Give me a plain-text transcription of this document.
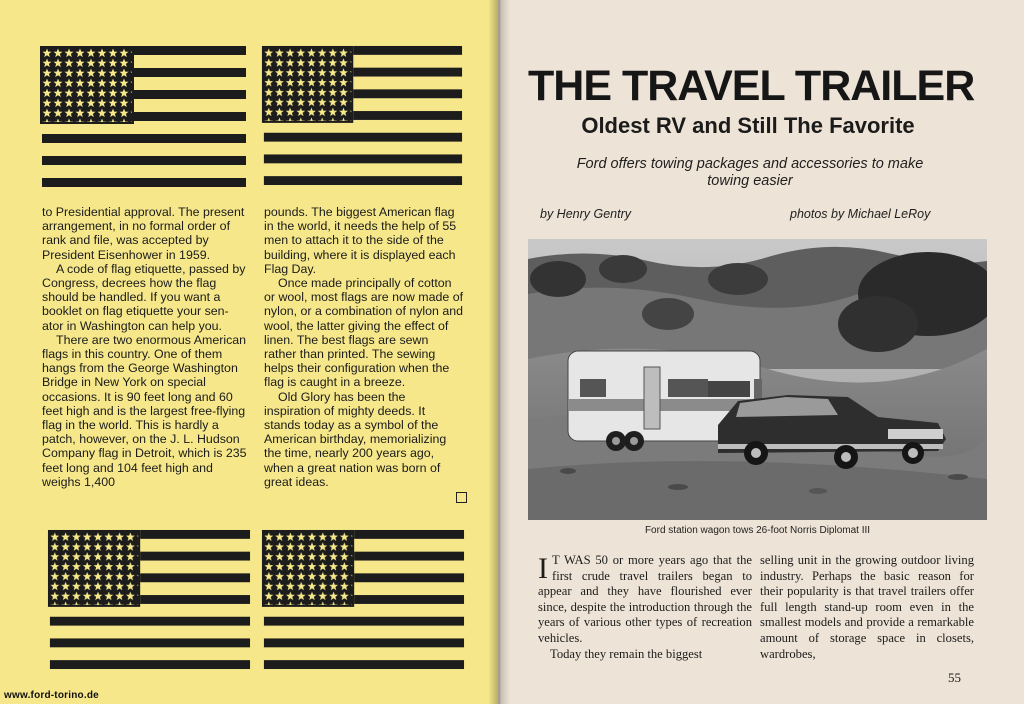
to Presidential approval. The present arrangement, in no formal order of rank and file, was accepted by President Eisenhower in 1959.

A code of flag etiquette, passed by Congress, decrees how the flag should be handled. If you want a booklet on flag etiquette your sen-ator in Washington can help you.

There are two enormous American flags in this country. One of them hangs from the George Washington Bridge in New York on special occasions. It is 90 feet long and 60 feet high and is the largest free-flying flag in the world. This is hardly a patch, however, on the J. L. Hudson Company flag in Detroit, which is 235 feet long and 104 feet high and weighs 1,400

pounds. The biggest American flag in the world, it needs the help of 55 men to attach it to the side of the building, where it is displayed each Flag Day.

Once made principally of cotton or wool, most flags are now made of nylon, or a combination of nylon and wool, the latter giving the effect of linen. The best flags are sewn rather than printed. The sewing helps their configuration when the flag is caught in a breeze.

Old Glory has been the inspiration of mighty deeds. It stands today as a symbol of the American birthday, memorializing the time, nearly 200 years ago, when a great nation was born of great ideas.

www.ford-torino.de
THE TRAVEL TRAILER
Oldest RV and Still The Favorite
Ford offers towing packages and accessories to make towing easier
by Henry Gentry	photos by Michael LeRoy
Ford station wagon tows 26-foot Norris Diplomat III

I T WAS 50 or more years ago that the first crude travel trailers began to appear and they have flourished ever since, despite the introduction through the years of various other types of recreation vehicles.

Today they remain the biggest

selling unit in the growing outdoor living industry. Perhaps the basic reason for their popularity is that travel trailers offer full length stand-up room even in the smallest models and provide a remarkable amount of storage space in closets, wardrobes,

55
